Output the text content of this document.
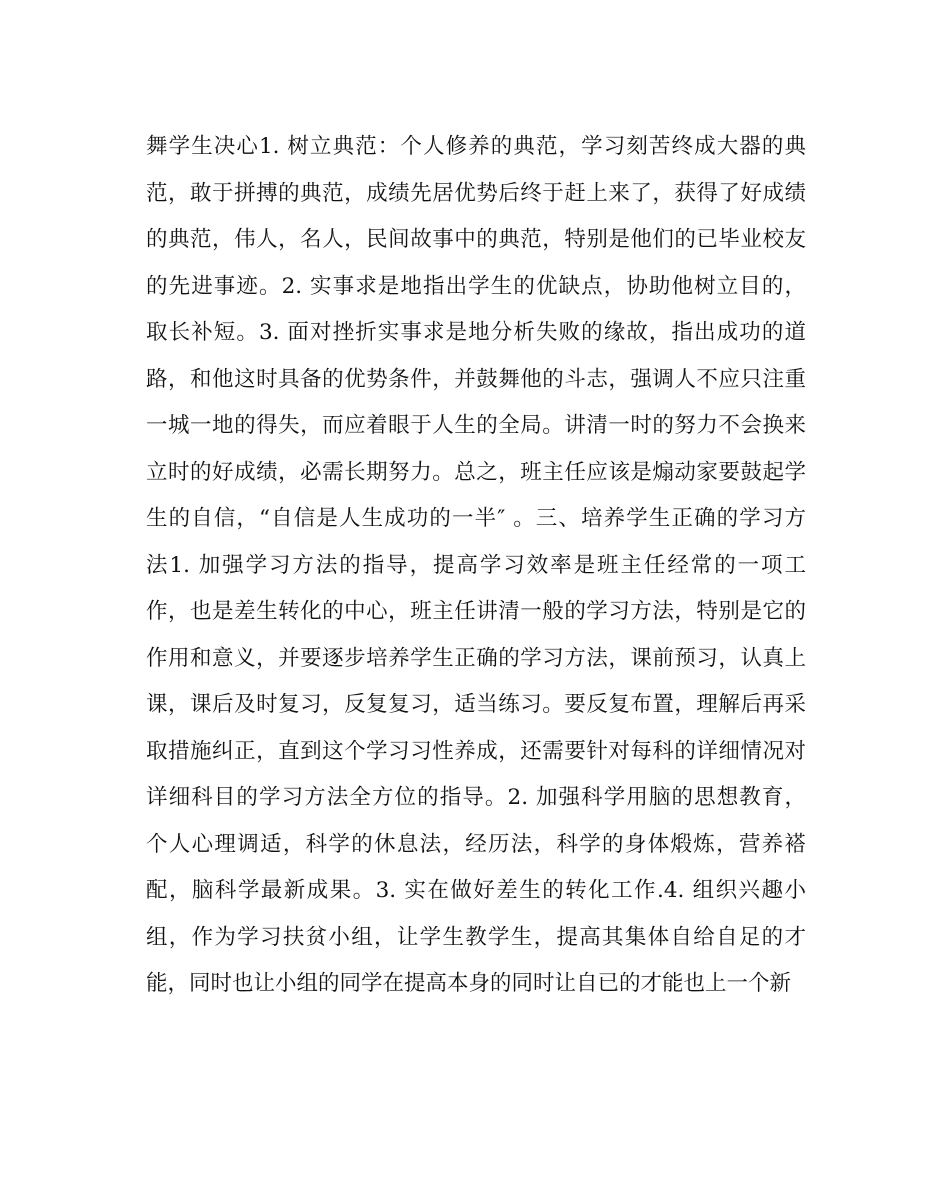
舞学生决心1. 树立典范：个人修养的典范，学习刻苦终成大器的典
范，敢于拼搏的典范，成绩先居优势后终于赶上来了，获得了好成绩
的典范，伟人，名人，民间故事中的典范，特别是他们的已毕业校友
的先进事迹。2. 实事求是地指出学生的优缺点，协助他树立目的，
取长补短。3. 面对挫折实事求是地分析失败的缘故，指出成功的道
路，和他这时具备的优势条件，并鼓舞他的斗志，强调人不应只注重
一城一地的得失，而应着眼于人生的全局。讲清一时的努力不会换来
立时的好成绩，必需长期努力。总之，班主任应该是煽动家要鼓起学
生的自信，“自信是人生成功的一半″ 。三、培养学生正确的学习方
法1. 加强学习方法的指导，提高学习效率是班主任经常的一项工
作，也是差生转化的中心，班主任讲清一般的学习方法，特别是它的
作用和意义，并要逐步培养学生正确的学习方法，课前预习，认真上
课，课后及时复习，反复复习，适当练习。要反复布置，理解后再采
取措施纠正，直到这个学习习性养成，还需要针对每科的详细情况对
详细科目的学习方法全方位的指导。2. 加强科学用脑的思想教育，
个人心理调适，科学的休息法，经历法，科学的身体煅炼，营养褡
配，脑科学最新成果。3. 实在做好差生的转化工作.4. 组织兴趣小
组，作为学习扶贫小组，让学生教学生，提高其集体自给自足的才
能，同时也让小组的同学在提高本身的同时让自已的才能也上一个新
